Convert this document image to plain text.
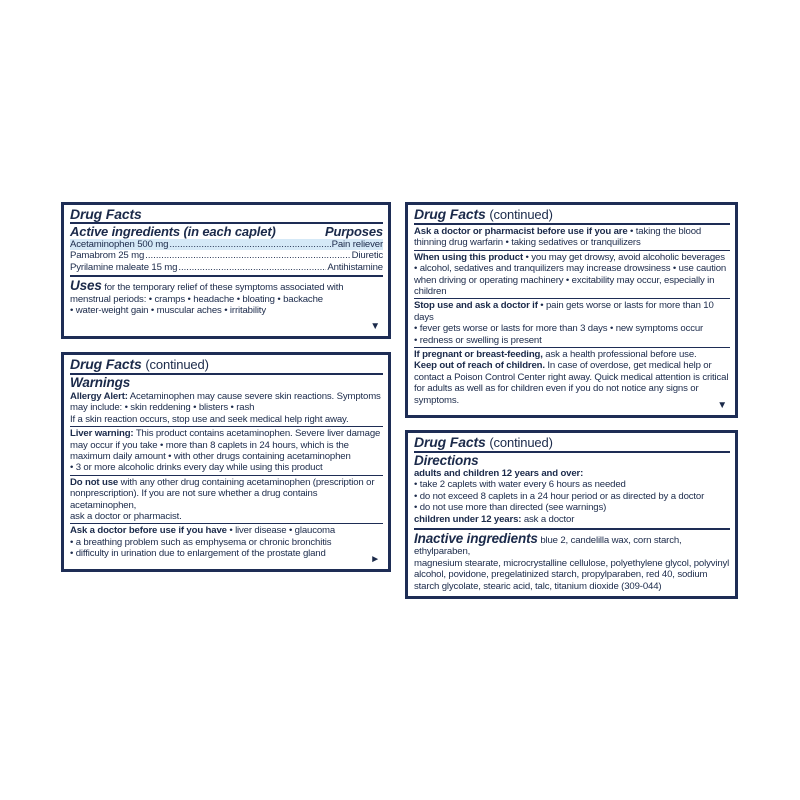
Drug Facts
Active ingredients (in each caplet)	Purposes
Acetaminophen 500 mg .....	Pain reliever
Pamabrom 25 mg .....	Diuretic
Pyrilamine maleate 15 mg .....	Antihistamine
Uses for the temporary relief of these symptoms associated with
menstrual periods: • cramps • headache • bloating • backache
• water-weight gain • muscular aches • irritability
▼
Drug Facts (continued)
Warnings
Allergy Alert: Acetaminophen may cause severe skin reactions. Symptoms
may include: • skin reddening • blisters • rash
If a skin reaction occurs, stop use and seek medical help right away.
Liver warning: This product contains acetaminophen. Severe liver damage
may occur if you take • more than 8 caplets in 24 hours, which is the
maximum daily amount • with other drugs containing acetaminophen
• 3 or more alcoholic drinks every day while using this product
Do not use with any other drug containing acetaminophen (prescription or
nonprescription). If you are not sure whether a drug contains acetaminophen,
ask a doctor or pharmacist.
Ask a doctor before use if you have • liver disease • glaucoma
• a breathing problem such as emphysema or chronic bronchitis
• difficulty in urination due to enlargement of the prostate gland
►
Drug Facts (continued)
Ask a doctor or pharmacist before use if you are • taking the blood
thinning drug warfarin • taking sedatives or tranquilizers
When using this product • you may get drowsy, avoid alcoholic beverages
• alcohol, sedatives and tranquilizers may increase drowsiness • use caution
when driving or operating machinery • excitability may occur, especially in
children
Stop use and ask a doctor if • pain gets worse or lasts for more than 10 days
• fever gets worse or lasts for more than 3 days • new symptoms occur
• redness or swelling is present
If pregnant or breast-feeding, ask a health professional before use.
Keep out of reach of children. In case of overdose, get medical help or
contact a Poison Control Center right away. Quick medical attention is critical
for adults as well as for children even if you do not notice any signs or
symptoms.	▼
Drug Facts (continued)
Directions
adults and children 12 years and over:
• take 2 caplets with water every 6 hours as needed
• do not exceed 8 caplets in a 24 hour period or as directed by a doctor
• do not use more than directed (see warnings)
children under 12 years: ask a doctor
Inactive ingredients blue 2, candelilla wax, corn starch, ethylparaben,
magnesium stearate, microcrystalline cellulose, polyethylene glycol, polyvinyl
alcohol, povidone, pregelatinized starch, propylparaben, red 40, sodium
starch glycolate, stearic acid, talc, titanium dioxide (309-044)
